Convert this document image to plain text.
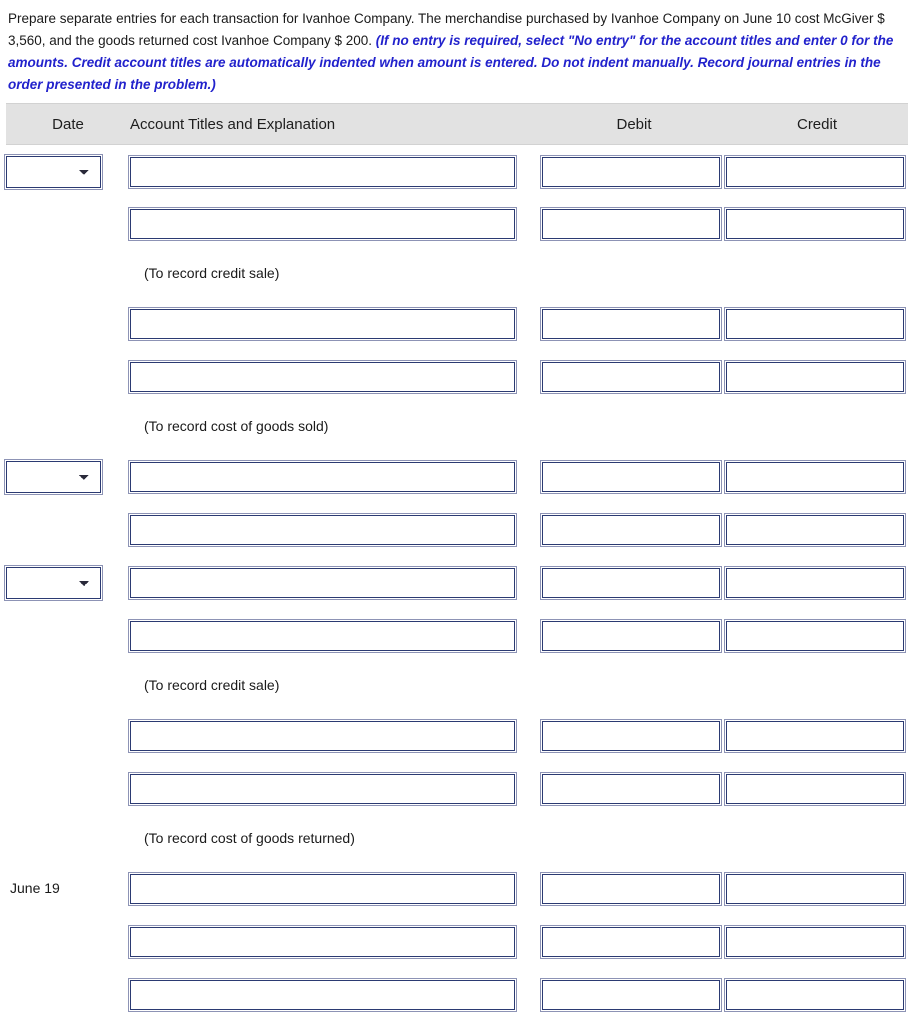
Prepare separate entries for each transaction for Ivanhoe Company. The merchandise purchased by Ivanhoe Company on June 10 cost McGiver $ 3,560, and the goods returned cost Ivanhoe Company $ 200. (If no entry is required, select "No entry" for the account titles and enter 0 for the amounts. Credit account titles are automatically indented when amount is entered. Do not indent manually. Record journal entries in the order presented in the problem.)
Date	Account Titles and Explanation	Debit	Credit

	(To record credit sale)		

	(To record cost of goods sold)		

	(To record credit sale)		

	(To record cost of goods returned)		
June 19			
